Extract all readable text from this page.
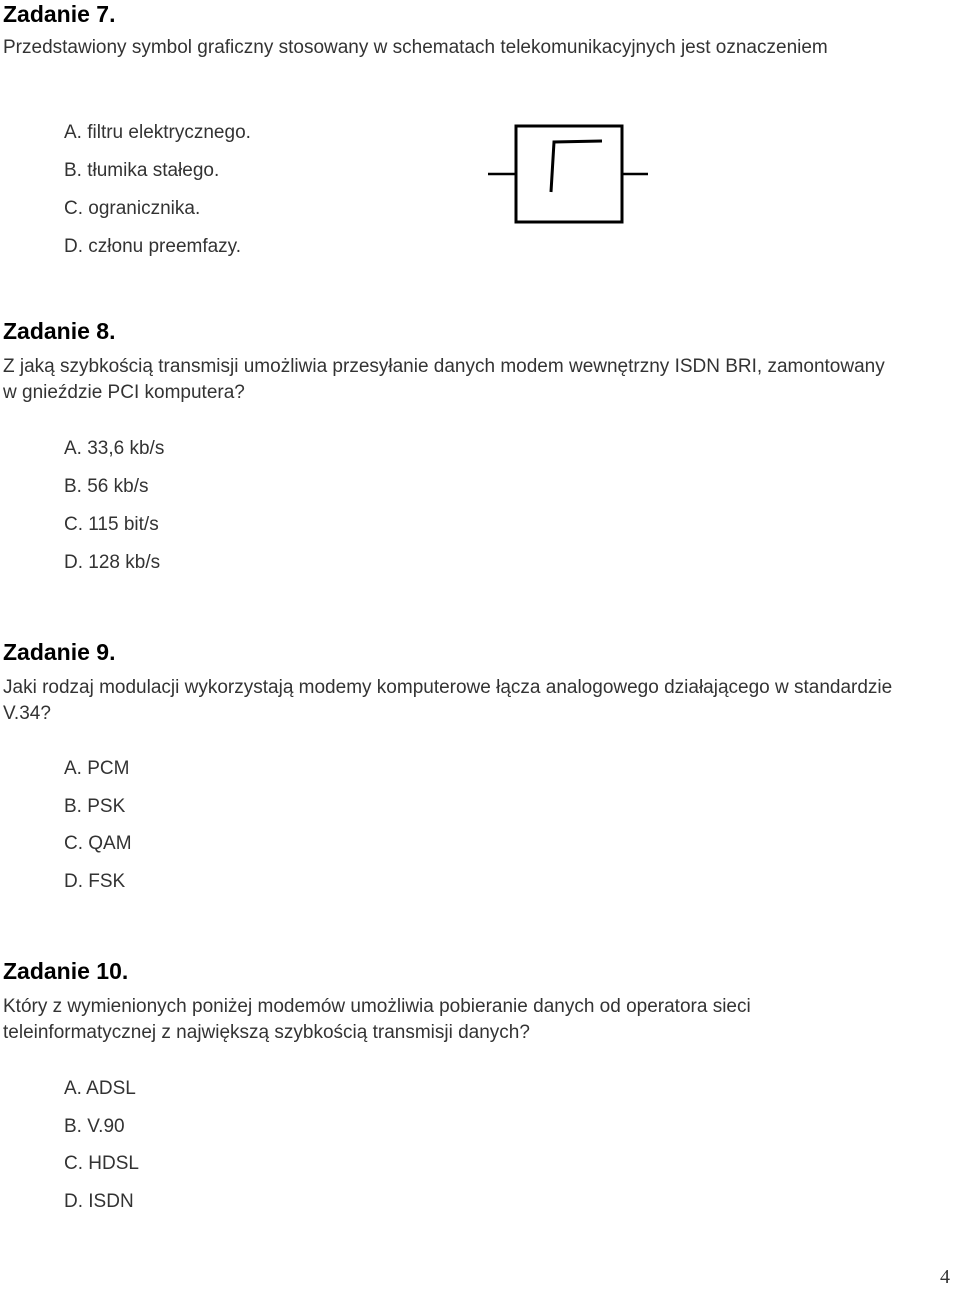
Zadanie 7.

Przedstawiony symbol graficzny stosowany w schematach telekomunikacyjnych jest oznaczeniem

A. filtru elektrycznego.
B. tłumika stałego.
C. ogranicznika.
D. członu preemfazy.
Zadanie 8.

Z jaką szybkością transmisji umożliwia przesyłanie danych modem wewnętrzny ISDN BRI, zamontowany w gnieździe PCI komputera?

A. 33,6 kb/s
B. 56 kb/s
C. 115 bit/s
D. 128 kb/s
Zadanie 9.

Jaki rodzaj modulacji wykorzystają modemy komputerowe łącza analogowego działającego w standardzie V.34?

A. PCM
B. PSK
C. QAM
D. FSK
Zadanie 10.

Który z wymienionych poniżej modemów umożliwia pobieranie danych od operatora sieci teleinformatycznej z największą szybkością transmisji danych?

A. ADSL
B. V.90
C. HDSL
D. ISDN
4
